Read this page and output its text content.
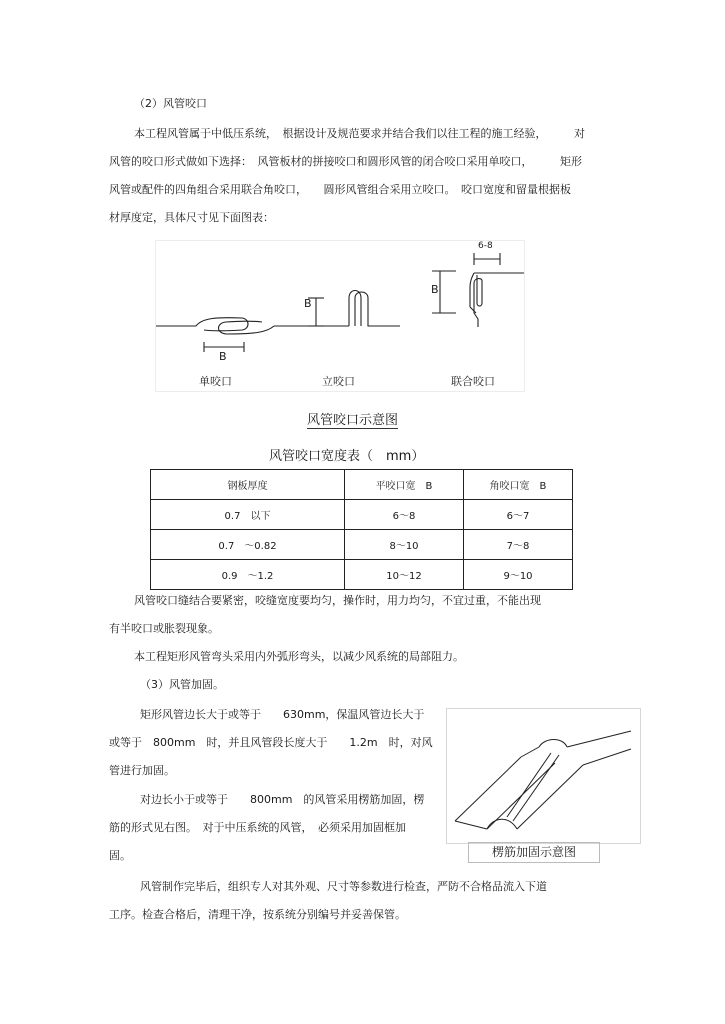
（2）风管咬口
本工程风管属于中低压系统，　根据设计及规范要求并结合我们以往工程的施工经验，　　　对
风管的咬口形式做如下选择：　风管板材的拼接咬口和圆形风管的闭合咬口采用单咬口，　　　矩形
风管或配件的四角组合采用联合角咬口，　　圆形风管组合采用立咬口。　咬口宽度和留量根据板
材厚度定，具体尺寸见下面图表：
B
B
B
6-8
单咬口	立咬口	联合咬口
风管咬口示意图
风管咬口宽度表（　mm）
钢板厚度	平咬口宽　B	角咬口宽　B
0.7　以下	6～8	6～7
0.7　～0.82	8～10	7～8
0.9　～1.2	10～12	9～10
风管咬口缝结合要紧密，咬缝宽度要均匀，操作时，用力均匀，不宜过重，不能出现
有半咬口或胀裂现象。
本工程矩形风管弯头采用内外弧形弯头，以减少风系统的局部阻力。
（3）风管加固。
矩形风管边长大于或等于　　630mm，保温风管边长大于
或等于　800mm　时，并且风管段长度大于　　1.2m　时，对风
管进行加固。
对边长小于或等于　　800mm　的风管采用楞筋加固，楞
筋的形式见右图。　对于中压系统的风管，　必须采用加固框加
固。	楞筋加固示意图
风管制作完毕后，组织专人对其外观、尺寸等参数进行检查，严防不合格品流入下道
工序。检查合格后，清理干净，按系统分别编号并妥善保管。
